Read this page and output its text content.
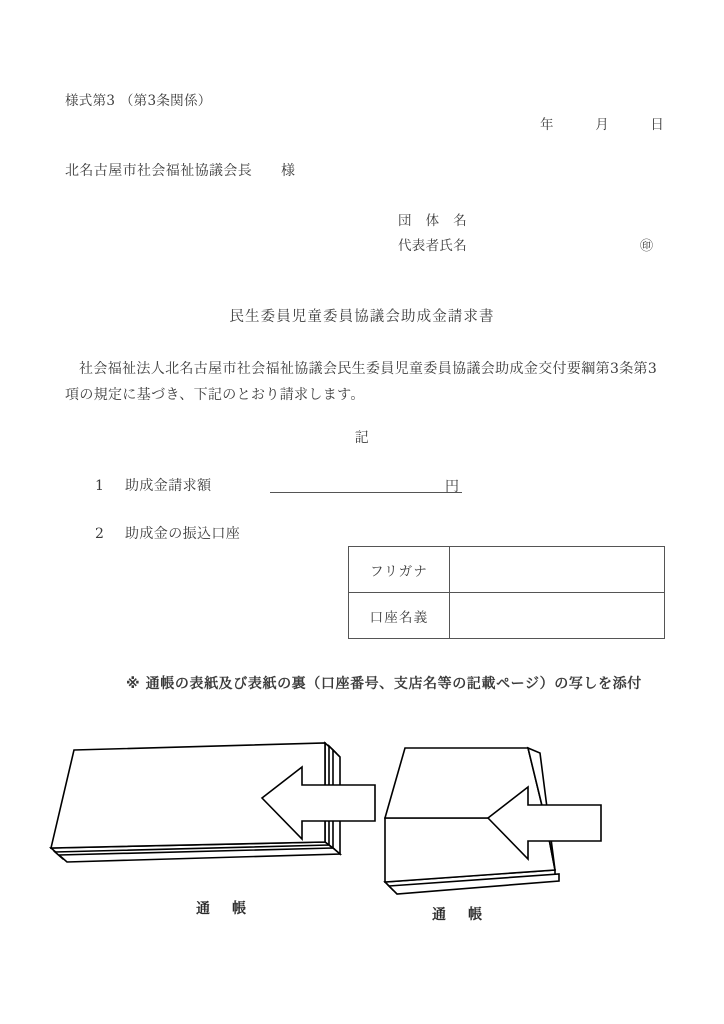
様式第3 （第3条関係）
年　　　月　　　日
北名古屋市社会福祉協議会長　　様
団　体　名
代表者氏名	㊞
民生委員児童委員協議会助成金請求書
社会福祉法人北名古屋市社会福祉協議会民生委員児童委員協議会助成金交付要綱第3条第3項の規定に基づき、下記のとおり請求します。
記
1 助成金請求額	円
2 助成金の振込口座
フリガナ	
口座名義	
※ 通帳の表紙及び表紙の裏（口座番号、支店名等の記載ページ）の写しを添付
通　帳	通　帳
